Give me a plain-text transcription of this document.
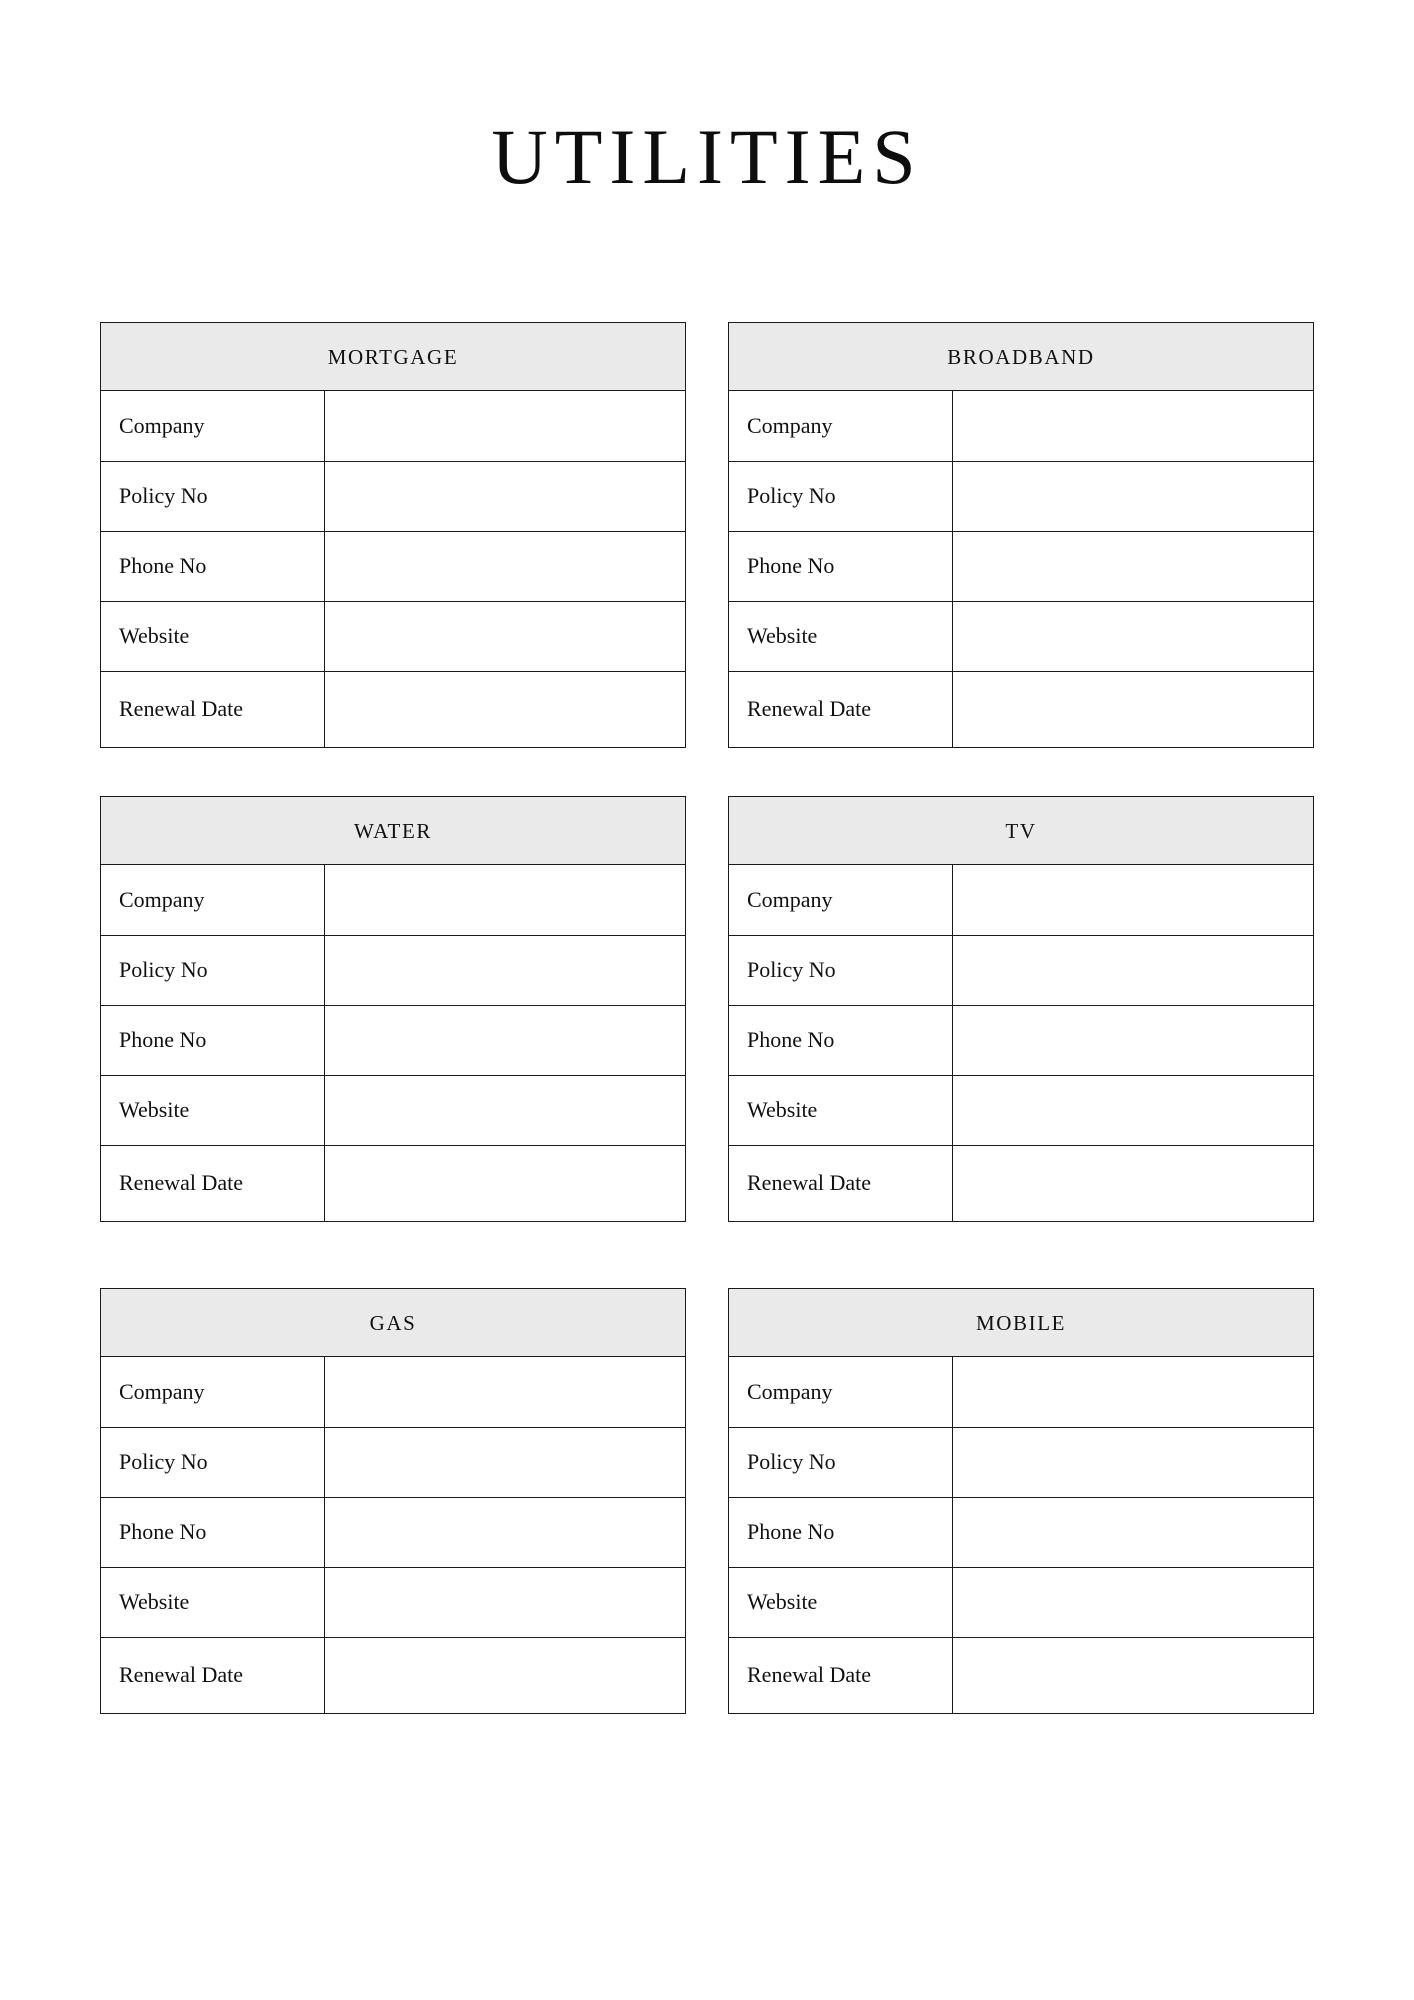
UTILITIES
MORTGAGE
Company	
Policy No	
Phone No	
Website	
Renewal Date	
BROADBAND
Company	
Policy No	
Phone No	
Website	
Renewal Date	
WATER
Company	
Policy No	
Phone No	
Website	
Renewal Date	
TV
Company	
Policy No	
Phone No	
Website	
Renewal Date	
GAS
Company	
Policy No	
Phone No	
Website	
Renewal Date	
MOBILE
Company	
Policy No	
Phone No	
Website	
Renewal Date	
